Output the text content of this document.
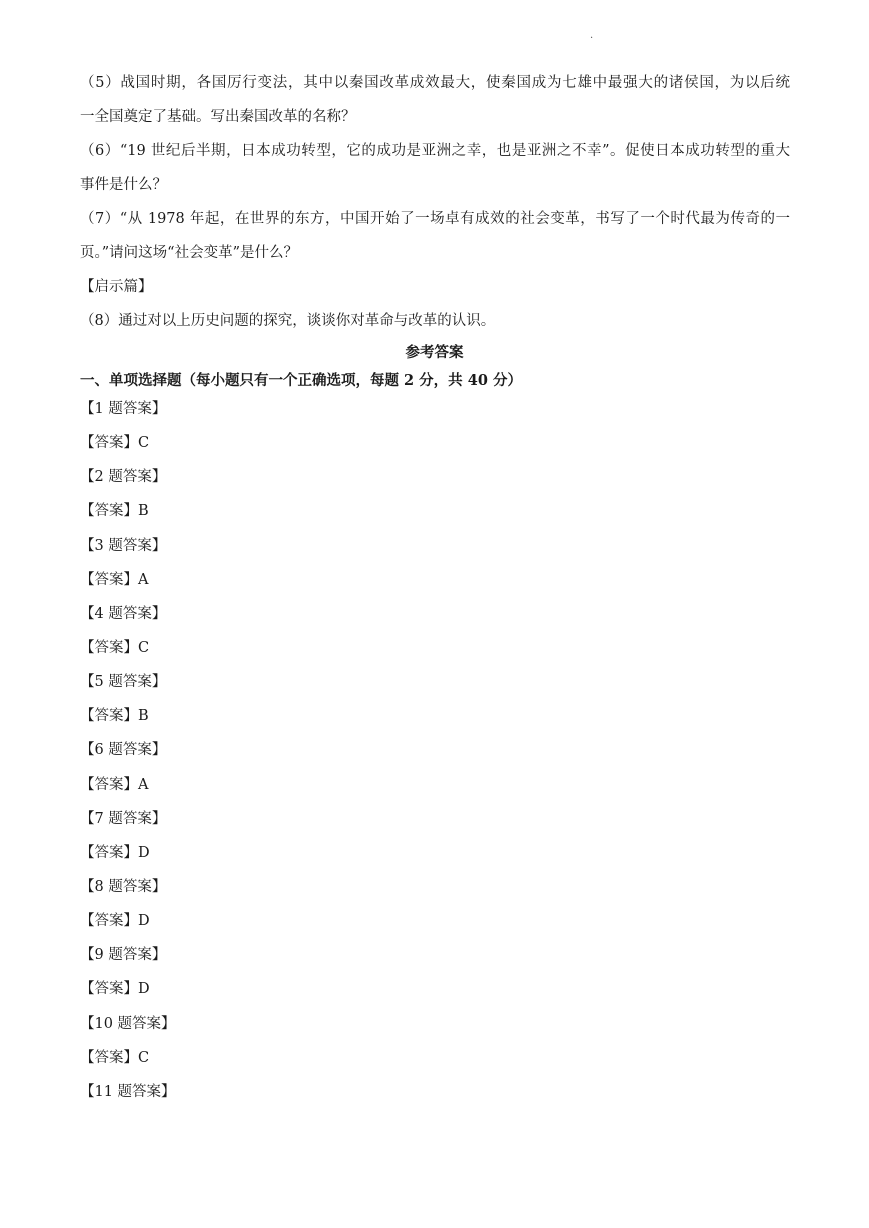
.
（5）战国时期，各国厉行变法，其中以秦国改革成效最大，使秦国成为七雄中最强大的诸侯国，为以后统
一全国奠定了基础。写出秦国改革的名称？
（6）“19 世纪后半期，日本成功转型，它的成功是亚洲之幸，也是亚洲之不幸”。促使日本成功转型的重大
事件是什么？
（7）“从 1978 年起，在世界的东方，中国开始了一场卓有成效的社会变革，书写了一个时代最为传奇的一
页。”请问这场“社会变革”是什么？
【启示篇】
（8）通过对以上历史问题的探究，谈谈你对革命与改革的认识。
参考答案
一、单项选择题（每小题只有一个正确选项，每题 2 分，共 40 分）
【1 题答案】
【答案】C
【2 题答案】
【答案】B
【3 题答案】
【答案】A
【4 题答案】
【答案】C
【5 题答案】
【答案】B
【6 题答案】
【答案】A
【7 题答案】
【答案】D
【8 题答案】
【答案】D
【9 题答案】
【答案】D
【10 题答案】
【答案】C
【11 题答案】
